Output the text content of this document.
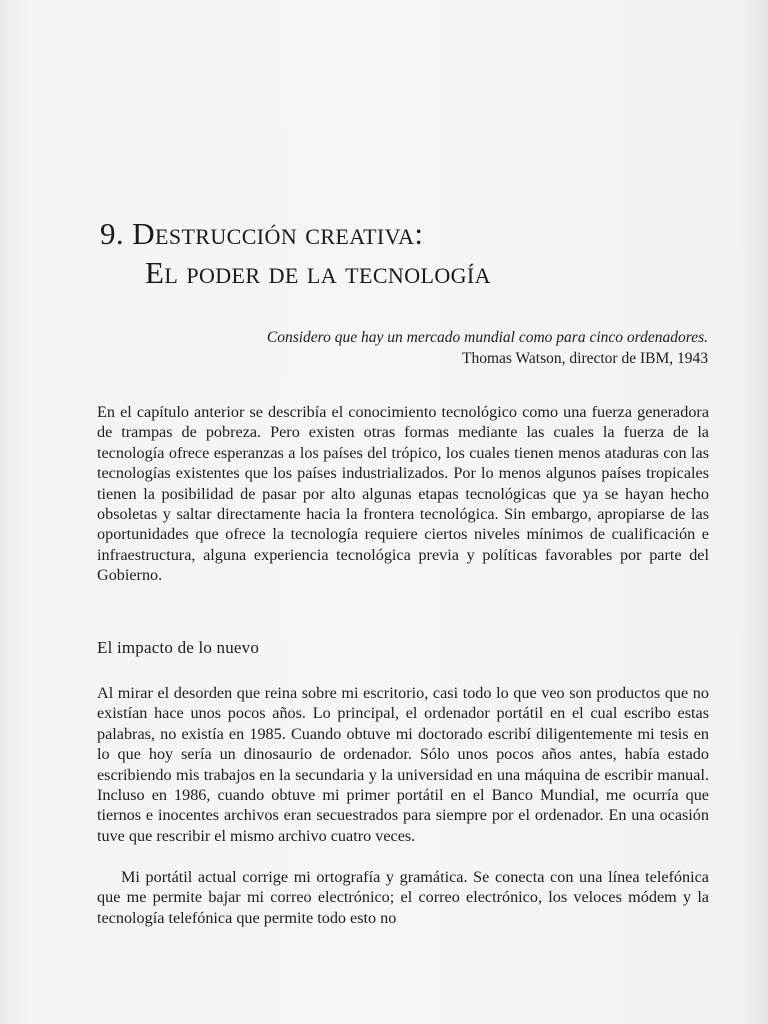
9. Destrucción creativa:
El poder de la tecnología
Considero que hay un mercado mundial como para cinco ordenadores.
Thomas Watson, director de IBM, 1943

En el capítulo anterior se describía el conocimiento tecnológico como una fuerza generadora de trampas de pobreza. Pero existen otras formas mediante las cuales la fuerza de la tecnología ofrece esperanzas a los países del trópico, los cuales tienen menos ataduras con las tecnologías existentes que los países industrializados. Por lo menos algunos países tropicales tienen la posibilidad de pasar por alto algunas etapas tecnológicas que ya se hayan hecho obsoletas y saltar directamente hacia la frontera tecnológica. Sin embargo, apropiarse de las oportunidades que ofrece la tecnología requiere ciertos niveles mínimos de cualificación e infraestructura, alguna experiencia tecnológica previa y políticas favorables por parte del Gobierno.

El impacto de lo nuevo

Al mirar el desorden que reina sobre mi escritorio, casi todo lo que veo son productos que no existían hace unos pocos años. Lo principal, el ordenador portátil en el cual escribo estas palabras, no existía en 1985. Cuando obtuve mi doctorado escribí diligentemente mi tesis en lo que hoy sería un dinosaurio de ordenador. Sólo unos pocos años antes, había estado escribiendo mis trabajos en la secundaria y la universidad en una máquina de escribir manual. Incluso en 1986, cuando obtuve mi primer portátil en el Banco Mundial, me ocurría que tiernos e inocentes archivos eran secuestrados para siempre por el ordenador. En una ocasión tuve que rescribir el mismo archivo cuatro veces.

Mi portátil actual corrige mi ortografía y gramática. Se conecta con una línea telefónica que me permite bajar mi correo electrónico; el correo electrónico, los veloces módem y la tecnología telefónica que permite todo esto no
